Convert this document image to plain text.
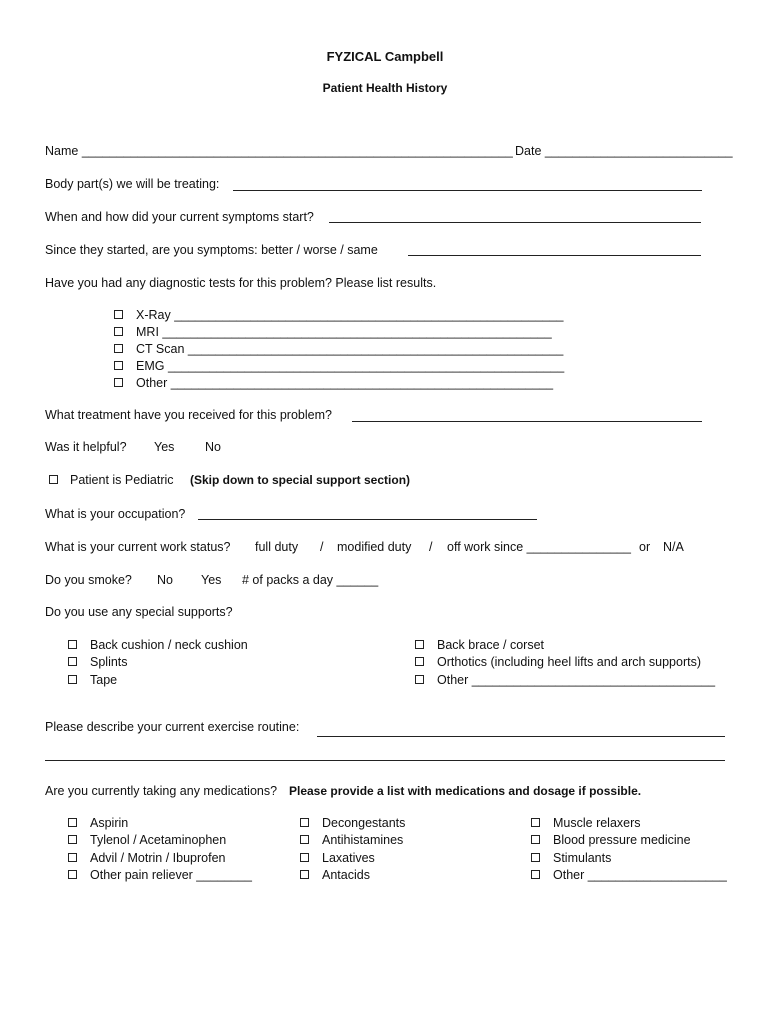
FYZICAL Campbell
Patient Health History
Name ______________________________________________________________ Date ___________________________
Body part(s) we will be treating:
When and how did your current symptoms start?
Since they started, are you symptoms: better / worse / same
Have you had any diagnostic tests for this problem? Please list results.
X-Ray ________________________________________________________
MRI ________________________________________________________
CT Scan ______________________________________________________
EMG _________________________________________________________
Other _______________________________________________________
What treatment have you received for this problem?
Was it helpful? Yes No
Patient is Pediatric (Skip down to special support section)
What is your occupation?
What is your current work status? full duty / modified duty / off work since _______________ or N/A
Do you smoke? No Yes # of packs a day ______
Do you use any special supports?
Back cushion / neck cushion
Splints
Tape
Back brace / corset
Orthotics (including heel lifts and arch supports)
Other ___________________________________
Please describe your current exercise routine:
Are you currently taking any medications? Please provide a list with medications and dosage if possible.
Aspirin
Tylenol / Acetaminophen
Advil / Motrin / Ibuprofen
Other pain reliever ________
Decongestants
Antihistamines
Laxatives
Antacids
Muscle relaxers
Blood pressure medicine
Stimulants
Other ____________________
